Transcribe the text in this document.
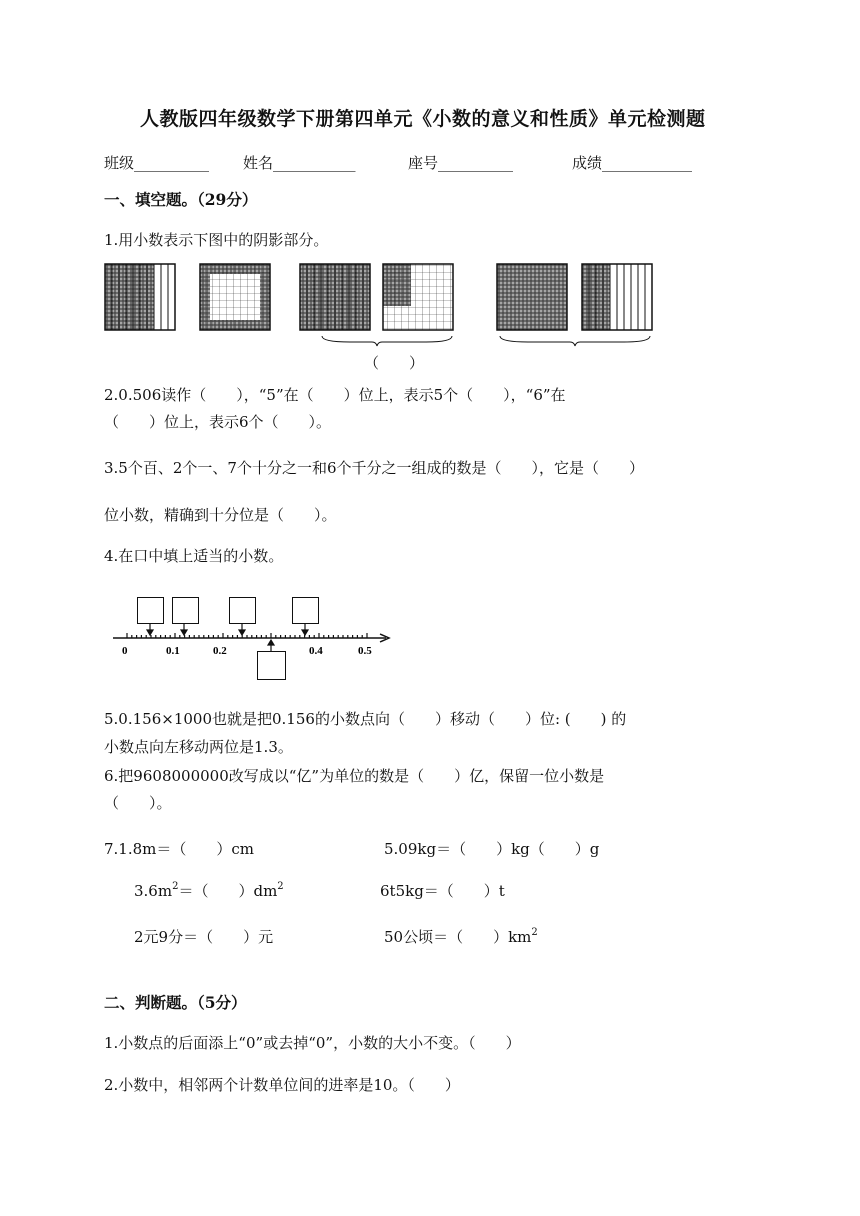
人教版四年级数学下册第四单元《小数的意义和性质》单元检测题
班级__________ 姓名___________	座号__________	成绩____________
一、填空题。（29分）
1.用小数表示下图中的阴影部分。
（　　）
2.0.506读作（　　），“5”在（　　）位上，表示5个（　　），“6”在
（　　）位上，表示6个（　　）。
3.5个百、2个一、7个十分之一和6个千分之一组成的数是（　　），它是（　　）
位小数，精确到十分位是（　　）。
4.在口中填上适当的小数。
0	0.1	0.2	0.4	0.5
5.0.156×1000也就是把0.156的小数点向（　　）移动（　　）位: (　　) 的
小数点向左移动两位是1.3。
6.把9608000000改写成以“亿”为单位的数是（　　）亿，保留一位小数是
（　　）。
7.1.8m＝（　　）cm	5.09kg＝（　　）kg（　　）g
$3.6m^2=$（　　）$dm^2$	6t5kg＝（　　）t
2元9分＝（　　）元	50公顷＝（　　）$km^2$
二、判断题。（5分）
1.小数点的后面添上“0”或去掉“0”，小数的大小不变。（　　）
2.小数中，相邻两个计数单位间的进率是10。（　　）
